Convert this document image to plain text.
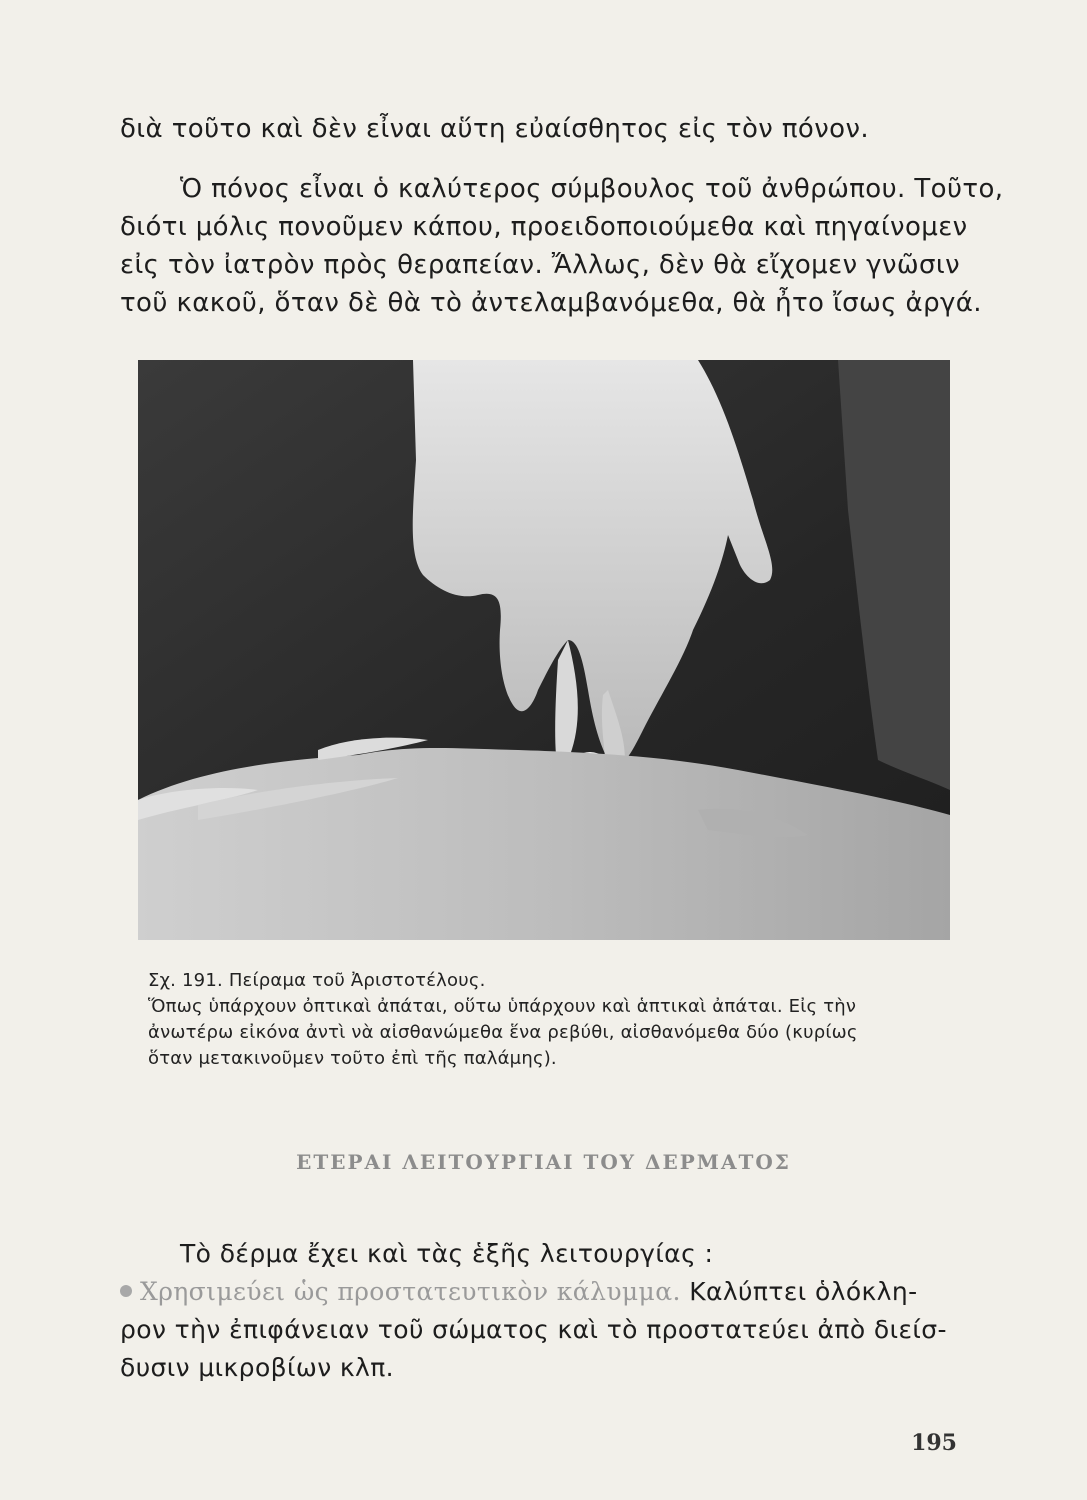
διὰ τοῦτο καὶ δὲν εἶναι αὕτη εὐαίσθητος εἰς τὸν πόνον.

Ὁ πόνος εἶναι ὁ καλύτερος σύμβουλος τοῦ ἀνθρώπου. Τοῦτο,
διότι μόλις πονοῦμεν κάπου, προειδοποιούμεθα καὶ πηγαίνομεν
εἰς τὸν ἰατρὸν πρὸς θεραπείαν. Ἄλλως, δὲν θὰ εἴχομεν γνῶσιν
τοῦ κακοῦ, ὅταν δὲ θὰ τὸ ἀντελαμβανόμεθα, θὰ ἦτο ἴσως ἀργά.

Σχ. 191. Πείραμα τοῦ Ἀριστοτέλους.
Ὅπως ὑπάρχουν ὀπτικαὶ ἀπάται, οὕτω ὑπάρχουν καὶ ἁπτικαὶ ἀπάται. Εἰς τὴν
ἀνωτέρω εἰκόνα ἀντὶ νὰ αἰσθανώμεθα ἕνα ρεβύθι, αἰσθανόμεθα δύο (κυρίως
ὅταν μετακινοῦμεν τοῦτο ἐπὶ τῆς παλάμης).
ΕΤΕΡΑΙ ΛΕΙΤΟΥΡΓΙΑΙ ΤΟΥ ΔΕΡΜΑΤΟΣ

Τὸ δέρμα ἔχει καὶ τὰς ἑξῆς λειτουργίας :
Χρησιμεύει ὡς προστατευτικὸν κάλυμμα. Καλύπτει ὁλόκλη-
ρον τὴν ἐπιφάνειαν τοῦ σώματος καὶ τὸ προστατεύει ἀπὸ διείσ-
δυσιν μικροβίων κλπ.

195
